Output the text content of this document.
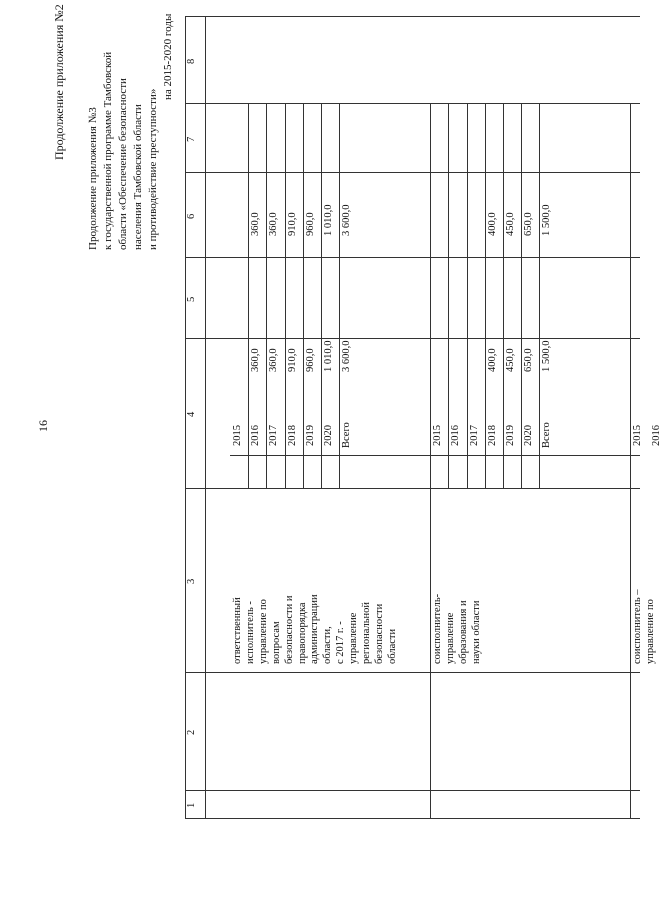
16
Продолжение приложения №2
Продолжение приложения №3 к государственной программе Тамбовской области «Обеспечение безопасности населения Тамбовской области и противодействие преступности»
на 2015-2020 годы
1
2
3
4
5
6
7
8
2015 2016
360,0
360,0
2017
360,0
360,0
2018
910,0
910,0
2019
960,0
960,0
2020
1 010,0
1 010,0
Всего
3 600,0
3 600,0
ответственный исполнитель - управление по вопросам безопасности и правопорядка администрации области, с 2017 г. - управление региональной безопасности области
2015 2016 2017 2018
400,0
400,0
2019
450,0
450,0
2020
650,0
650,0
Всего
1 500,0
1 500,0
соисполнитель- управление образования и науки области
2015 2016
соисполнитель – управление по
